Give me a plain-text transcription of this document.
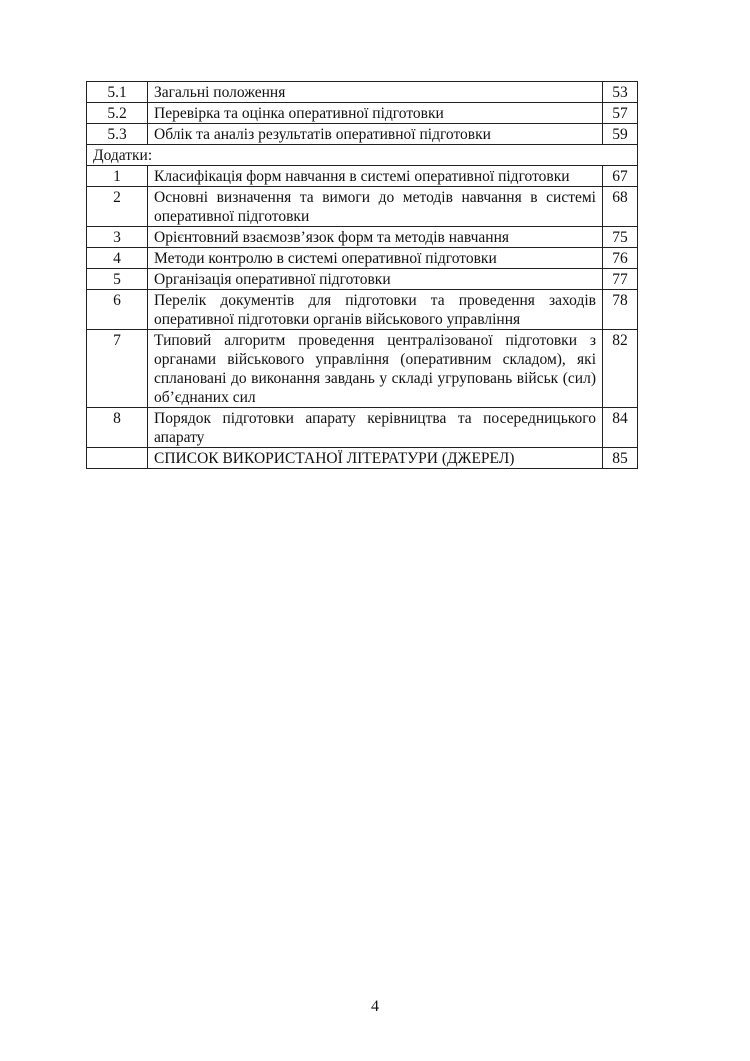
5.1	Загальні положення	53
5.2	Перевірка та оцінка оперативної підготовки	57
5.3	Облік та аналіз результатів оперативної підготовки	59
Додатки:		
1	Класифікація форм навчання в системі оперативної підготовки	67
2	Основні визначення та вимоги до методів навчання в системі оперативної підготовки	68
3	Орієнтовний взаємозв’язок форм та методів навчання	75
4	Методи контролю в системі оперативної підготовки	76
5	Організація оперативної підготовки	77
6	Перелік документів для підготовки та проведення заходів оперативної підготовки органів військового управління	78
7	Типовий алгоритм проведення централізованої підготовки з органами військового управління (оперативним складом), які сплановані до виконання завдань у складі угруповань військ (сил) об’єднаних сил	82
8	Порядок підготовки апарату керівництва та посередницького апарату	84
	СПИСОК ВИКОРИСТАНОЇ ЛІТЕРАТУРИ (ДЖЕРЕЛ)	85
4
